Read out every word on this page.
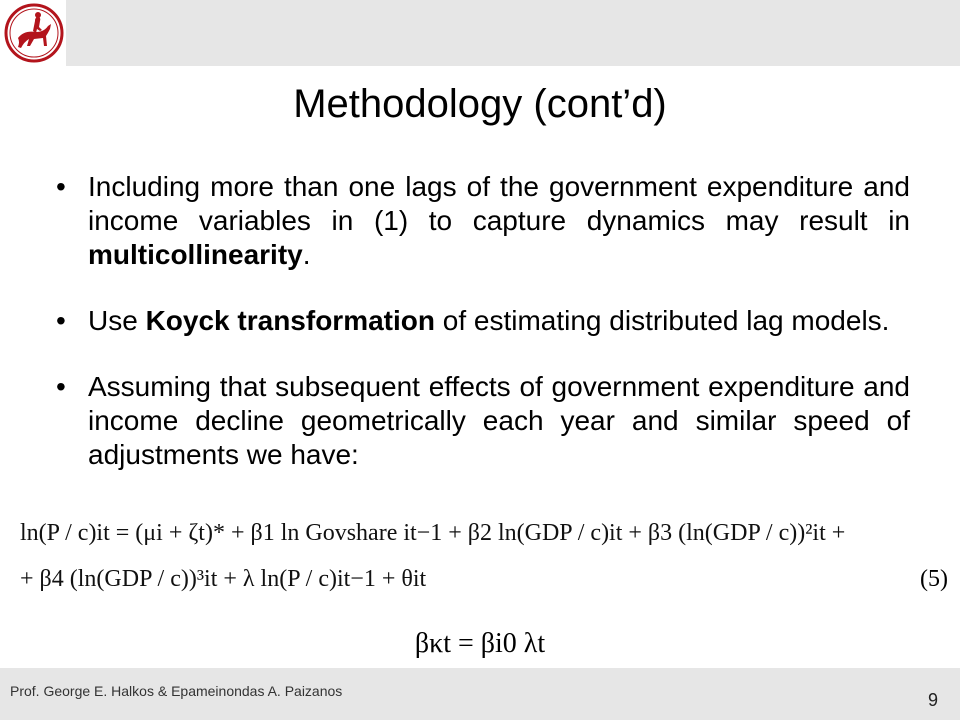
Methodology (cont’d)
• Including more than one lags of the government expenditure and income variables in (1) to capture dynamics may result in multicollinearity.
• Use Koyck transformation of estimating distributed lag models.
• Assuming that subsequent effects of government expenditure and income decline geometrically each year and similar speed of adjustments we have:
ln(P / c)it = (μi + ζt)* + β1 ln Govshare it−1 + β2 ln(GDP / c)it + β3 (ln(GDP / c))²it +
+ β4 (ln(GDP / c))³it + λ ln(P / c)it−1 + θit	(5)
βκt = βi0 λt
Prof. George E. Halkos & Epameinondas A. Paizanos	9
